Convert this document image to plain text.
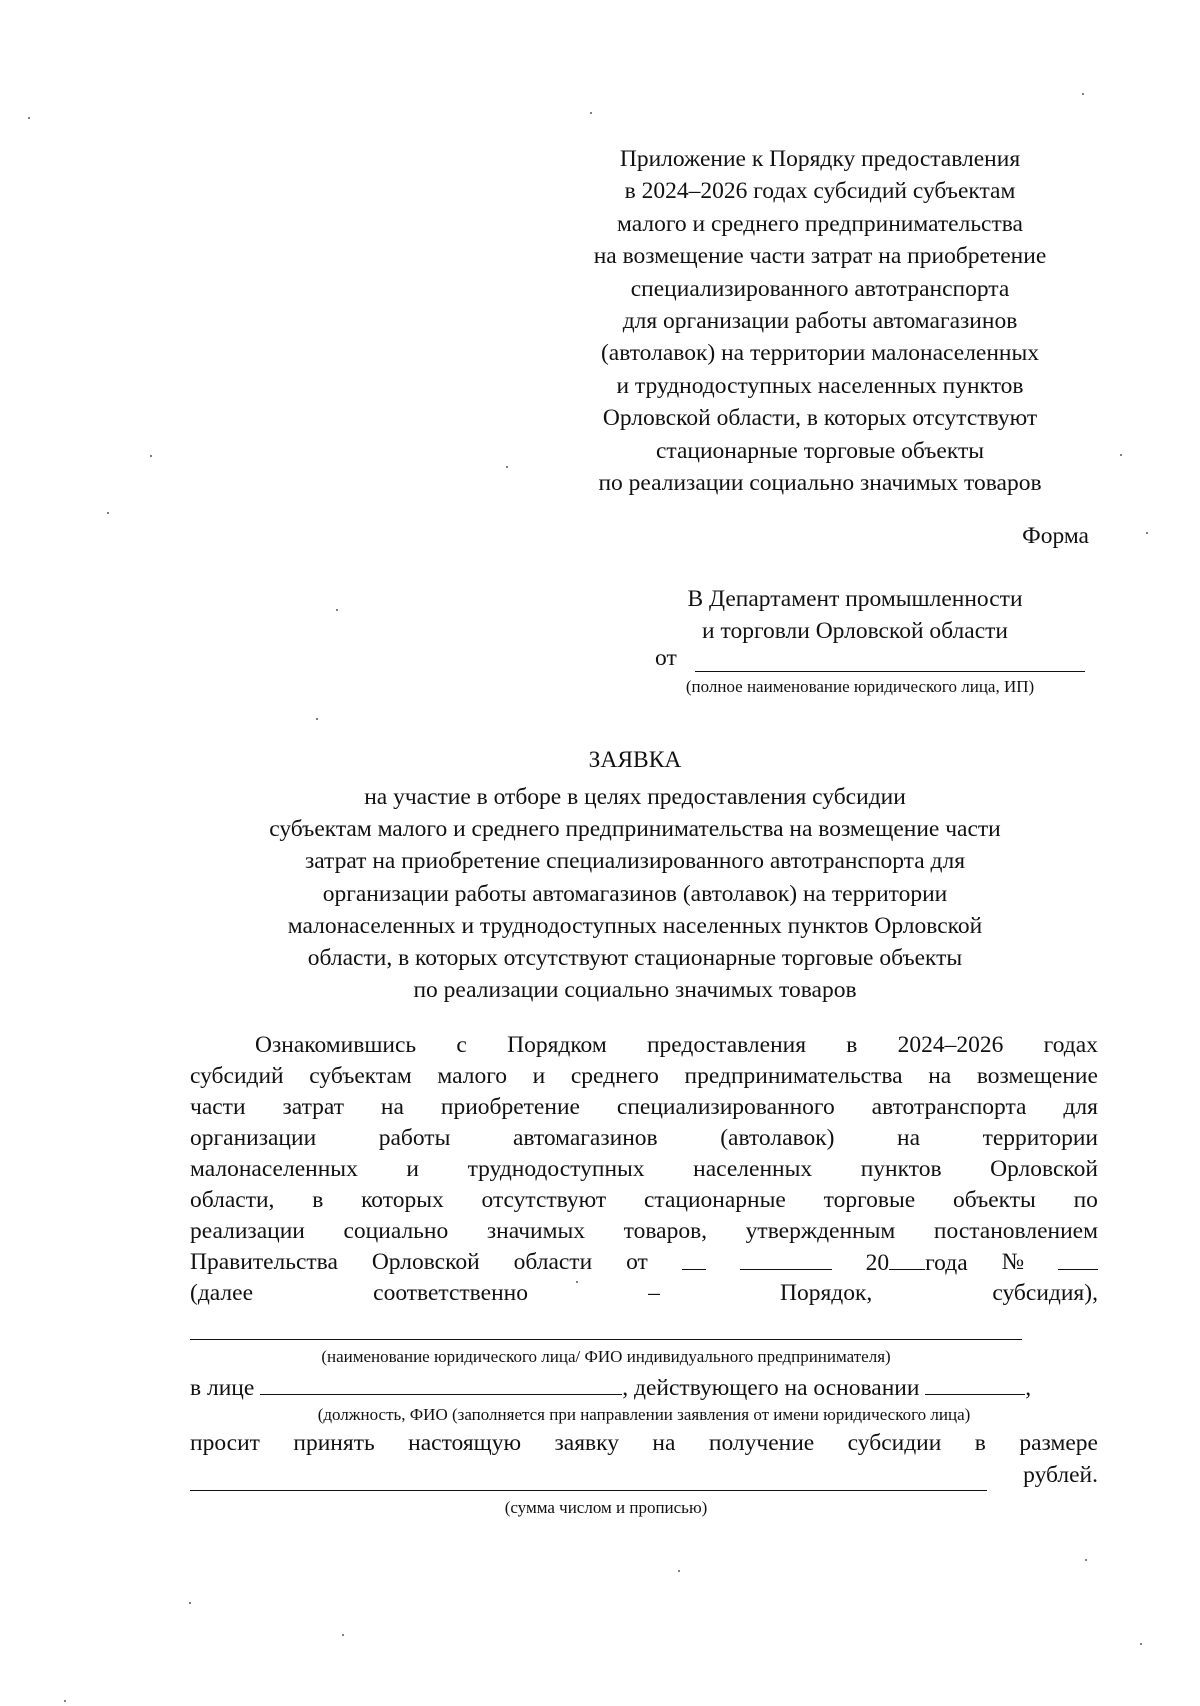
Приложение к Порядку предоставления
в 2024–2026 годах субсидий субъектам
малого и среднего предпринимательства
на возмещение части затрат на приобретение
специализированного автотранспорта
для организации работы автомагазинов
(автолавок) на территории малонаселенных
и труднодоступных населенных пунктов
Орловской области, в которых отсутствуют
стационарные торговые объекты
по реализации социально значимых товаров
Форма
В Департамент промышленности
и торговли Орловской области
от
(полное наименование юридического лица, ИП)
ЗАЯВКА
на участие в отборе в целях предоставления субсидии
субъектам малого и среднего предпринимательства на возмещение части
затрат на приобретение специализированного автотранспорта для
организации работы автомагазинов (автолавок) на территории
малонаселенных и труднодоступных населенных пунктов Орловской
области, в которых отсутствуют стационарные торговые объекты
по реализации социально значимых товаров
Ознакомившись с Порядком предоставления в 2024–2026 годах
субсидий субъектам малого и среднего предпринимательства на возмещение
части затрат на приобретение специализированного автотранспорта для
организации	работы	автомагазинов	(автолавок)	на	территории
малонаселенных и труднодоступных населенных пунктов Орловской
области, в которых отсутствуют стационарные торговые объекты по
реализации социально значимых товаров, утвержденным постановлением
Правительства Орловской области от	20 года №
(далее	соответственно	–	Порядок,	субсидия),
(наименование юридического лица/ ФИО индивидуального предпринимателя)
в лице	, действующего на основании	,
(должность, ФИО (заполняется при направлении заявления от имени юридического лица)
просит принять настоящую заявку на получение субсидии в размере
рублей.
(сумма числом и прописью)
